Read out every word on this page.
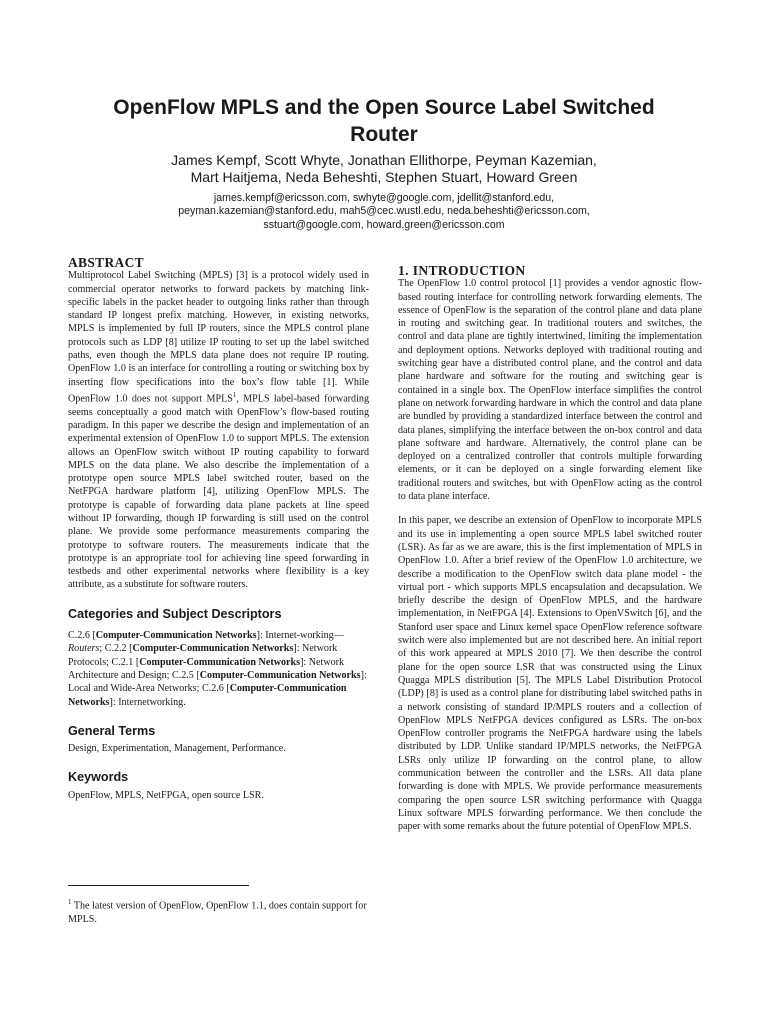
OpenFlow MPLS and the Open Source Label Switched
Router
James Kempf, Scott Whyte, Jonathan Ellithorpe, Peyman Kazemian,
Mart Haitjema, Neda Beheshti, Stephen Stuart, Howard Green
james.kempf@ericsson.com, swhyte@google.com, jdellit@stanford.edu,
peyman.kazemian@stanford.edu, mah5@cec.wustl.edu, neda.beheshti@ericsson.com,
sstuart@google.com, howard.green@ericsson.com
ABSTRACT

Multiprotocol Label Switching (MPLS) [3] is a protocol widely used in commercial operator networks to forward packets by matching link-specific labels in the packet header to outgoing links rather than through standard IP longest prefix matching. However, in existing networks, MPLS is implemented by full IP routers, since the MPLS control plane protocols such as LDP [8] utilize IP routing to set up the label switched paths, even though the MPLS data plane does not require IP routing. OpenFlow 1.0 is an interface for controlling a routing or switching box by inserting flow specifications into the box’s flow table [1]. While OpenFlow 1.0 does not support MPLS$^1$, MPLS label-based forwarding seems conceptually a good match with OpenFlow’s flow-based routing paradigm. In this paper we describe the design and implementation of an experimental extension of OpenFlow 1.0 to support MPLS. The extension allows an OpenFlow switch without IP routing capability to forward MPLS on the data plane. We also describe the implementation of a prototype open source MPLS label switched router, based on the NetFPGA hardware platform [4], utilizing OpenFlow MPLS. The prototype is capable of forwarding data plane packets at line speed without IP forwarding, though IP forwarding is still used on the control plane. We provide some performance measurements comparing the prototype to software routers. The measurements indicate that the prototype is an appropriate tool for achieving line speed forwarding in testbeds and other experimental networks where flexibility is a key attribute, as a substitute for software routers.

Categories and Subject Descriptors

C.2.6 [Computer-Communication Networks]: Internet-working—Routers; C.2.2 [Computer-Communication Networks]: Network Protocols; C.2.1 [Computer-Communication Networks]: Network Architecture and Design; C.2.5 [Computer-Communication Networks]: Local and Wide-Area Networks; C.2.6 [Computer-Communication Networks]: Internetworking.

General Terms

Design, Experimentation, Management, Performance.

Keywords

OpenFlow, MPLS, NetFPGA, open source LSR.

$^1$ The latest version of OpenFlow, OpenFlow 1.1, does contain support for MPLS.
1. INTRODUCTION

The OpenFlow 1.0 control protocol [1] provides a vendor agnostic flow-based routing interface for controlling network forwarding elements. The essence of OpenFlow is the separation of the control plane and data plane in routing and switching gear. In traditional routers and switches, the control and data plane are tightly intertwined, limiting the implementation and deployment options. Networks deployed with traditional routing and switching gear have a distributed control plane, and the control and data plane hardware and software for the routing and switching gear is contained in a single box. The OpenFlow interface simplifies the control plane on network forwarding hardware in which the control and data plane are bundled by providing a standardized interface between the control and data planes, simplifying the interface between the on-box control and data plane software and hardware. Alternatively, the control plane can be deployed on a centralized controller that controls multiple forwarding elements, or it can be deployed on a single forwarding element like traditional routers and switches, but with OpenFlow acting as the control to data plane interface.

In this paper, we describe an extension of OpenFlow to incorporate MPLS and its use in implementing a open source MPLS label switched router (LSR). As far as we are aware, this is the first implementation of MPLS in OpenFlow 1.0. After a brief review of the OpenFlow 1.0 architecture, we describe a modification to the OpenFlow switch data plane model - the virtual port - which supports MPLS encapsulation and decapsulation. We briefly describe the design of OpenFlow MPLS, and the hardware implementation, in NetFPGA [4]. Extensions to OpenVSwitch [6], and the Stanford user space and Linux kernel space OpenFlow reference software switch were also implemented but are not described here. An initial report of this work appeared at MPLS 2010 [7]. We then describe the control plane for the open source LSR that was constructed using the Linux Quagga MPLS distribution [5]. The MPLS Label Distribution Protocol (LDP) [8] is used as a control plane for distributing label switched paths in a network consisting of standard IP/MPLS routers and a collection of OpenFlow MPLS NetFPGA devices configured as LSRs. The on-box OpenFlow controller programs the NetFPGA hardware using the labels distributed by LDP. Unlike standard IP/MPLS networks, the NetFPGA LSRs only utilize IP forwarding on the control plane, to allow communication between the controller and the LSRs. All data plane forwarding is done with MPLS. We provide performance measurements comparing the open source LSR switching performance with Quagga Linux software MPLS forwarding performance. We then conclude the paper with some remarks about the future potential of OpenFlow MPLS.
